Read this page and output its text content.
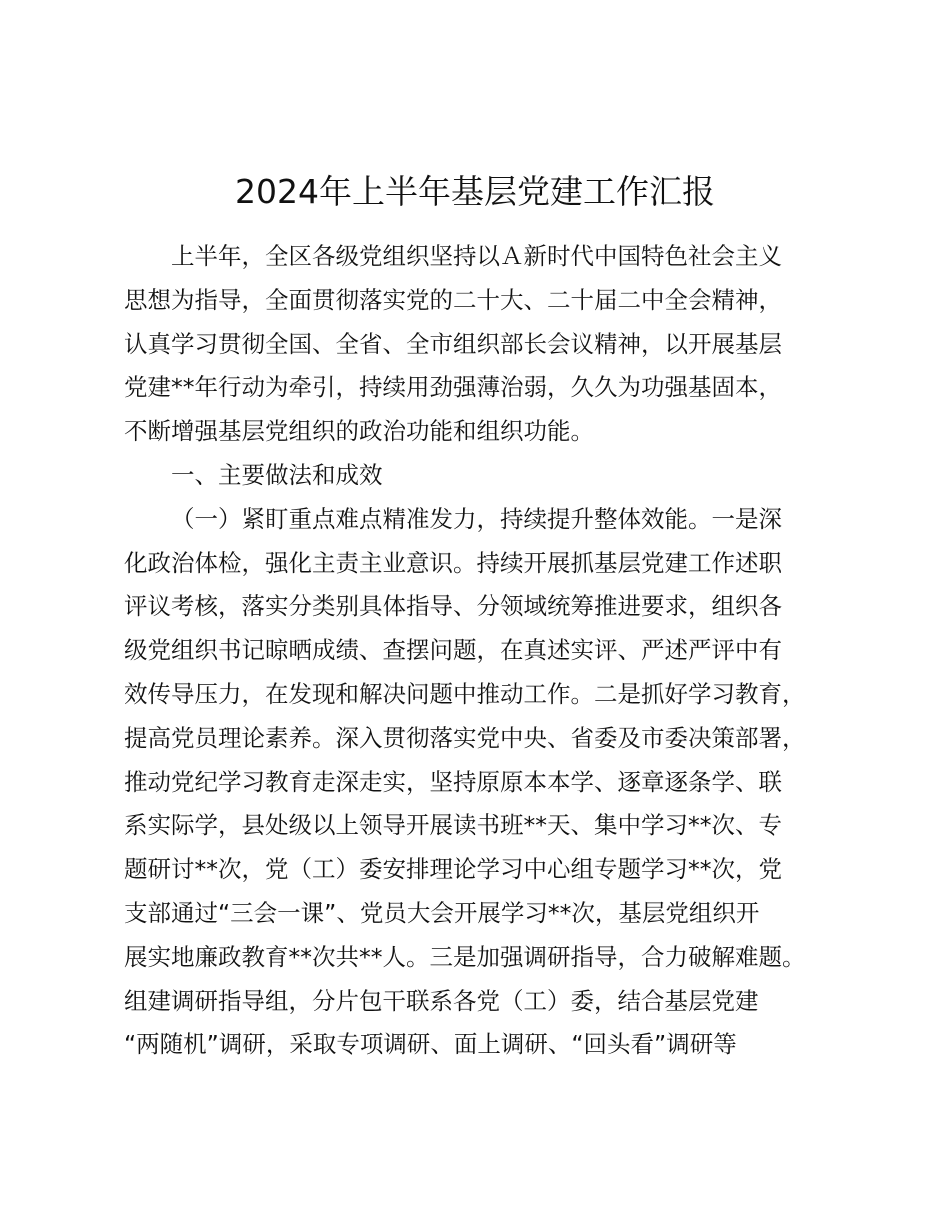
2024年上半年基层党建工作汇报
上半年，全区各级党组织坚持以Ａ新时代中国特色社会主义
思想为指导，全面贯彻落实党的二十大、二十届二中全会精神，
认真学习贯彻全国、全省、全市组织部长会议精神，以开展基层
党建**年行动为牵引，持续用劲强薄治弱，久久为功强基固本，
不断增强基层党组织的政治功能和组织功能。
一、主要做法和成效
（一）紧盯重点难点精准发力，持续提升整体效能。一是深
化政治体检，强化主责主业意识。持续开展抓基层党建工作述职
评议考核，落实分类别具体指导、分领域统筹推进要求，组织各
级党组织书记晾晒成绩、查摆问题，在真述实评、严述严评中有
效传导压力，在发现和解决问题中推动工作。二是抓好学习教育，
提高党员理论素养。深入贯彻落实党中央、省委及市委决策部署，
推动党纪学习教育走深走实，坚持原原本本学、逐章逐条学、联
系实际学，县处级以上领导开展读书班**天、集中学习**次、专
题研讨**次，党（工）委安排理论学习中心组专题学习**次，党
支部通过“三会一课”、党员大会开展学习**次，基层党组织开
展实地廉政教育**次共**人。三是加强调研指导，合力破解难题。
组建调研指导组，分片包干联系各党（工）委，结合基层党建
“两随机”调研，采取专项调研、面上调研、“回头看”调研等
